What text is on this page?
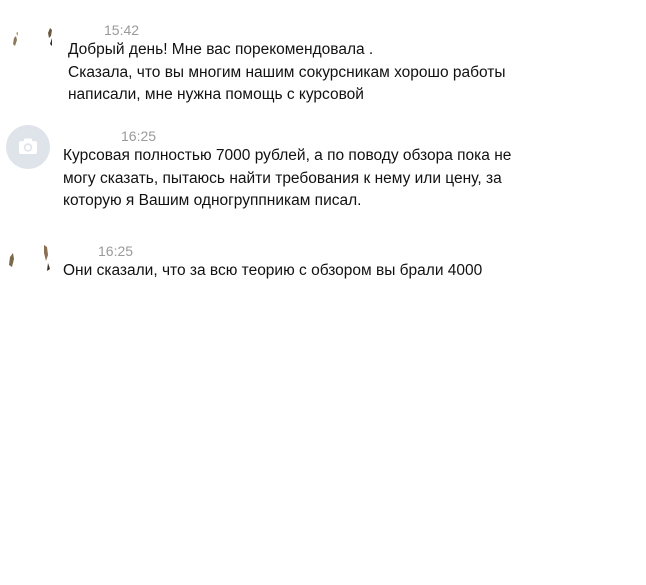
15:42

Добрый день! Мне вас порекомендовала .
Сказала, что вы многим нашим сокурсникам хорошо работы
написали, мне нужна помощь с курсовой

16:25

Курсовая полностью 7000 рублей, а по поводу обзора пока не
могу сказать, пытаюсь найти требования к нему или цену, за
которую я Вашим одногруппникам писал.

16:25

Они сказали, что за всю теорию с обзором вы брали 4000
